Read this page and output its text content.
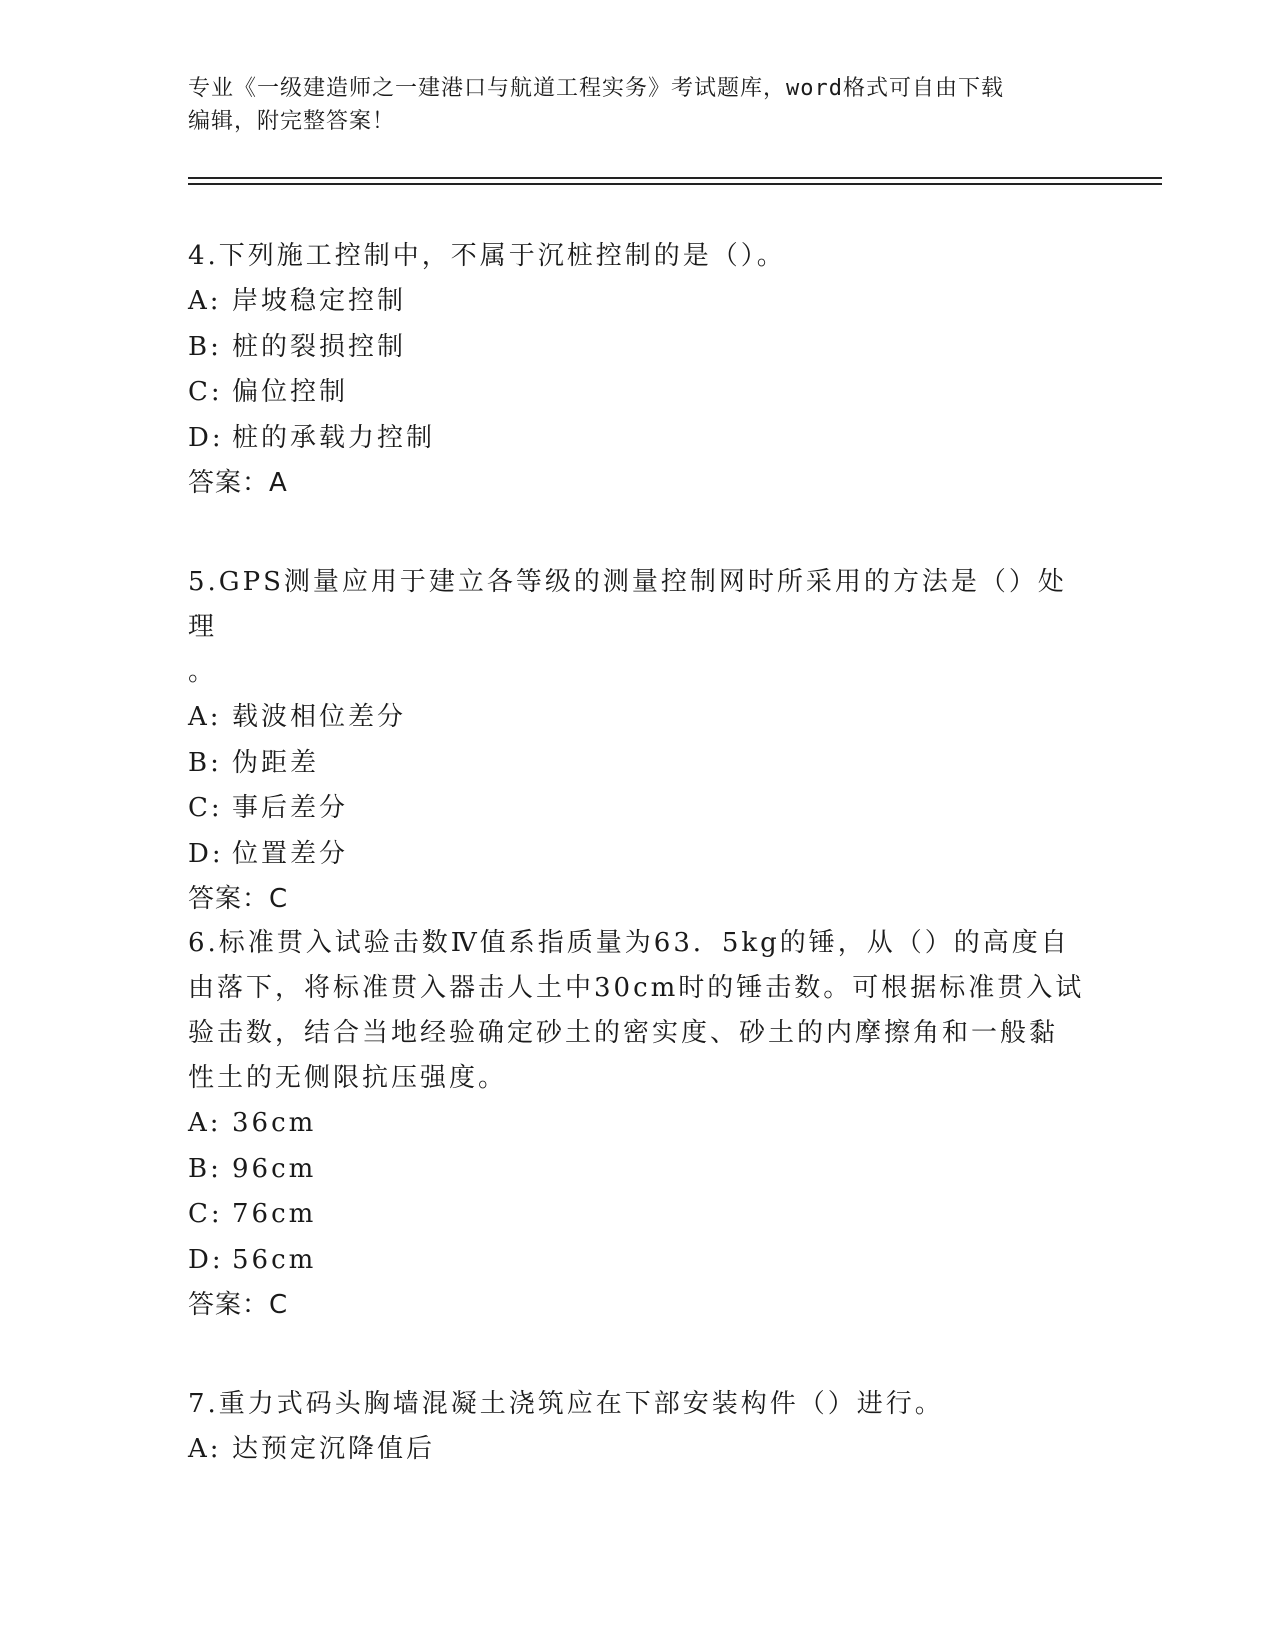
专业《一级建造师之一建港口与航道工程实务》考试题库，word格式可自由下载
编辑，附完整答案！

4.下列施工控制中，不属于沉桩控制的是（）。

A: 岸坡稳定控制

B: 桩的裂损控制

C: 偏位控制

D: 桩的承载力控制

答案：A

5.GPS测量应用于建立各等级的测量控制网时所采用的方法是（）处理

。

A: 载波相位差分

B: 伪距差

C: 事后差分

D: 位置差分

答案：C

6.标准贯入试验击数Ⅳ值系指质量为63．5kg的锤，从（）的高度自

由落下，将标准贯入器击人土中30cm时的锤击数。可根据标准贯入试

验击数，结合当地经验确定砂土的密实度、砂土的内摩擦角和一般黏

性土的无侧限抗压强度。

A: 36cm

B: 96cm

C: 76cm

D: 56cm

答案：C

7.重力式码头胸墙混凝土浇筑应在下部安装构件（）进行。

A: 达预定沉降值后
